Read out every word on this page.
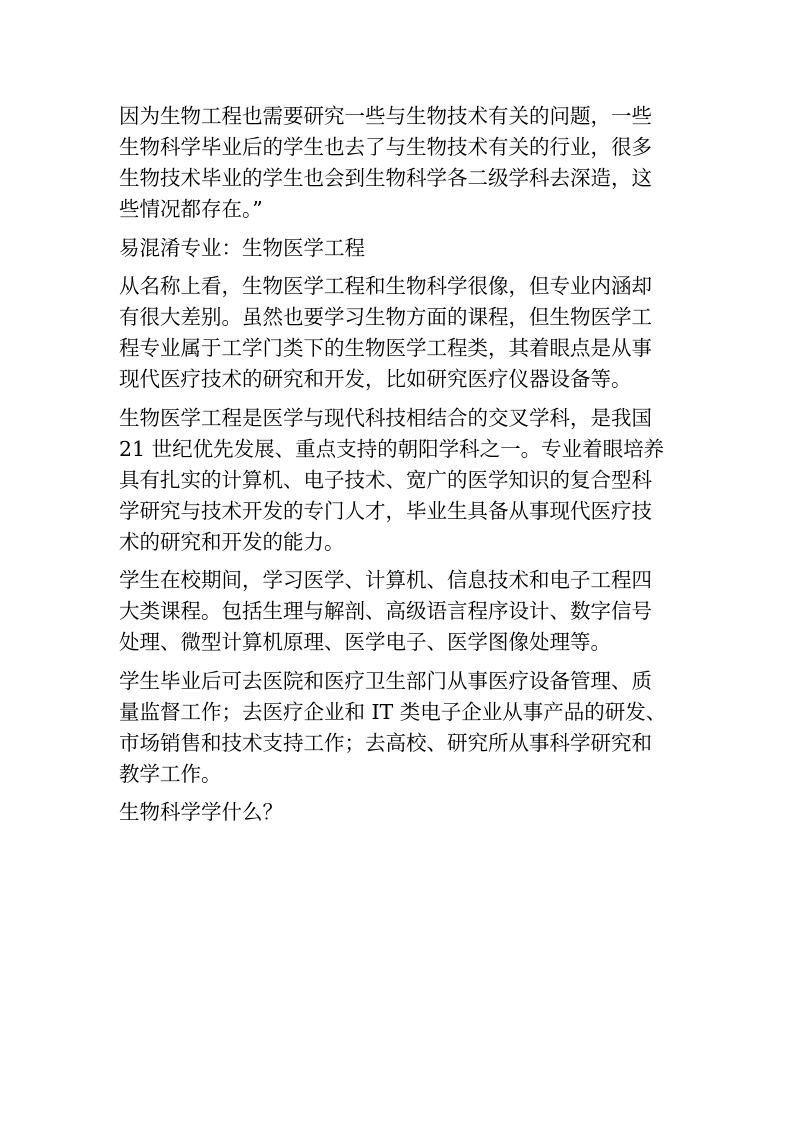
因为生物工程也需要研究一些与生物技术有关的问题，一些
生物科学毕业后的学生也去了与生物技术有关的行业，很多
生物技术毕业的学生也会到生物科学各二级学科去深造，这
些情况都存在。”
易混淆专业：生物医学工程
从名称上看，生物医学工程和生物科学很像，但专业内涵却
有很大差别。虽然也要学习生物方面的课程，但生物医学工
程专业属于工学门类下的生物医学工程类，其着眼点是从事
现代医疗技术的研究和开发，比如研究医疗仪器设备等。
生物医学工程是医学与现代科技相结合的交叉学科，是我国
21 世纪优先发展、重点支持的朝阳学科之一。专业着眼培养
具有扎实的计算机、电子技术、宽广的医学知识的复合型科
学研究与技术开发的专门人才，毕业生具备从事现代医疗技
术的研究和开发的能力。
学生在校期间，学习医学、计算机、信息技术和电子工程四
大类课程。包括生理与解剖、高级语言程序设计、数字信号
处理、微型计算机原理、医学电子、医学图像处理等。
学生毕业后可去医院和医疗卫生部门从事医疗设备管理、质
量监督工作；去医疗企业和 IT 类电子企业从事产品的研发、
市场销售和技术支持工作；去高校、研究所从事科学研究和
教学工作。
生物科学学什么？
